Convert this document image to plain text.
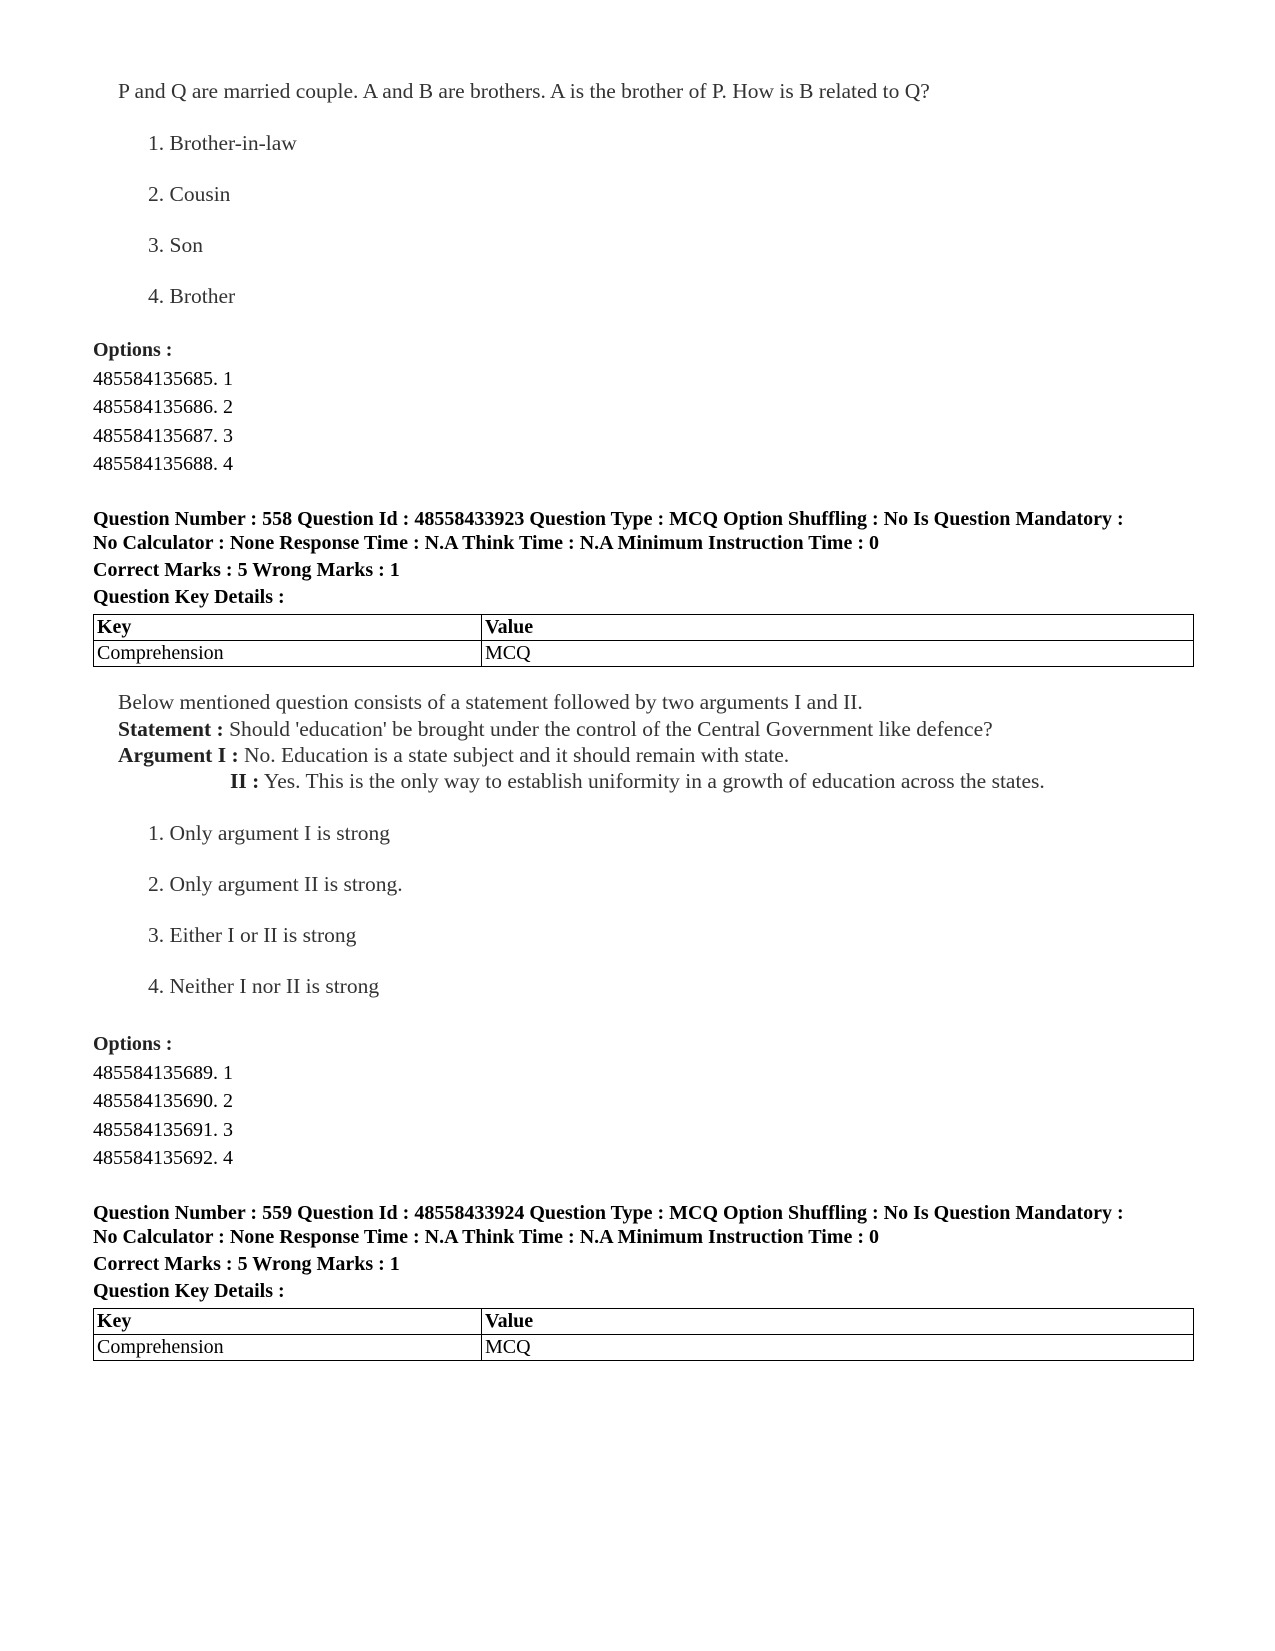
P and Q are married couple. A and B are brothers. A is the brother of P. How is B related to Q?
1. Brother-in-law
2. Cousin
3. Son
4. Brother
Options :
485584135685. 1
485584135686. 2
485584135687. 3
485584135688. 4
Question Number : 558 Question Id : 48558433923 Question Type : MCQ Option Shuffling : No Is Question Mandatory :
No Calculator : None Response Time : N.A Think Time : N.A Minimum Instruction Time : 0
Correct Marks : 5 Wrong Marks : 1
Question Key Details :
Key	Value
Comprehension	MCQ
Below mentioned question consists of a statement followed by two arguments I and II.
Statement : Should 'education' be brought under the control of the Central Government like defence?
Argument I : No. Education is a state subject and it should remain with state.
II : Yes. This is the only way to establish uniformity in a growth of education across the states.
1. Only argument I is strong
2. Only argument II is strong.
3. Either I or II is strong
4. Neither I nor II is strong
Options :
485584135689. 1
485584135690. 2
485584135691. 3
485584135692. 4
Question Number : 559 Question Id : 48558433924 Question Type : MCQ Option Shuffling : No Is Question Mandatory :
No Calculator : None Response Time : N.A Think Time : N.A Minimum Instruction Time : 0
Correct Marks : 5 Wrong Marks : 1
Question Key Details :
Key	Value
Comprehension	MCQ
